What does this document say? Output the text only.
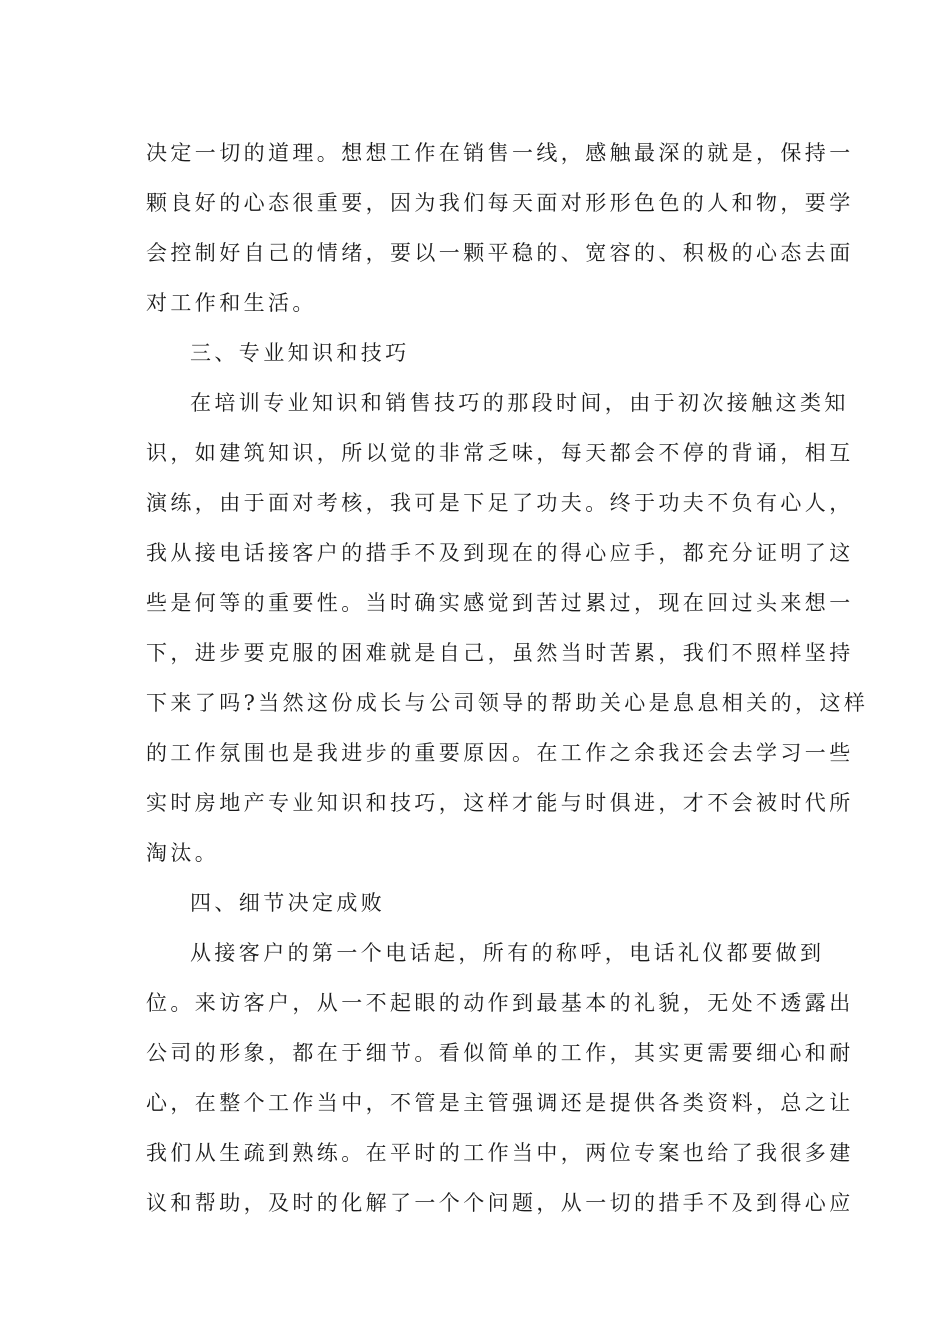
决定一切的道理。想想工作在销售一线，感触最深的就是，保持一
颗良好的心态很重要，因为我们每天面对形形色色的人和物，要学
会控制好自己的情绪，要以一颗平稳的、宽容的、积极的心态去面
对工作和生活。
三、专业知识和技巧
在培训专业知识和销售技巧的那段时间，由于初次接触这类知
识，如建筑知识，所以觉的非常乏味，每天都会不停的背诵，相互
演练，由于面对考核，我可是下足了功夫。终于功夫不负有心人，
我从接电话接客户的措手不及到现在的得心应手，都充分证明了这
些是何等的重要性。当时确实感觉到苦过累过，现在回过头来想一
下，进步要克服的困难就是自己，虽然当时苦累，我们不照样坚持
下来了吗?当然这份成长与公司领导的帮助关心是息息相关的，这样
的工作氛围也是我进步的重要原因。在工作之余我还会去学习一些
实时房地产专业知识和技巧，这样才能与时俱进，才不会被时代所
淘汰。
四、细节决定成败
从接客户的第一个电话起，所有的称呼，电话礼仪都要做到
位。来访客户，从一不起眼的动作到最基本的礼貌，无处不透露出
公司的形象，都在于细节。看似简单的工作，其实更需要细心和耐
心，在整个工作当中，不管是主管强调还是提供各类资料，总之让
我们从生疏到熟练。在平时的工作当中，两位专案也给了我很多建
议和帮助，及时的化解了一个个问题，从一切的措手不及到得心应
